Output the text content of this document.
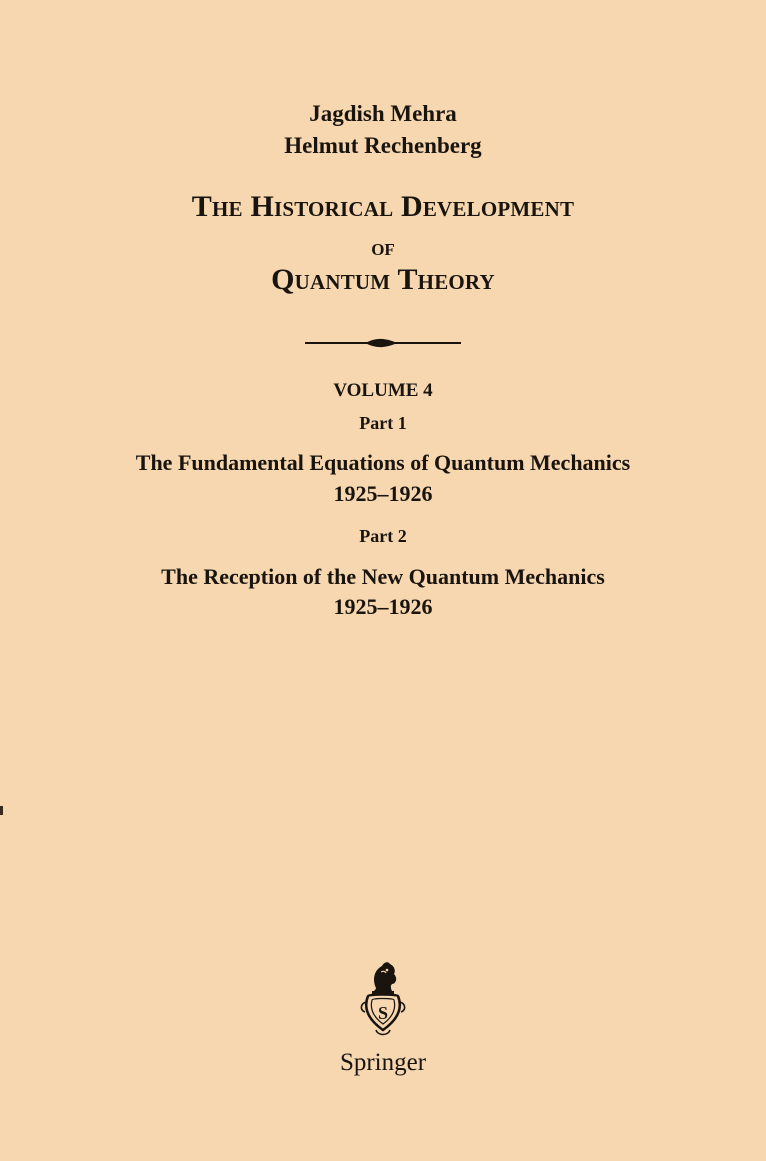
Jagdish Mehra
Helmut Rechenberg
The Historical Development
of
Quantum Theory
VOLUME 4
Part 1
The Fundamental Equations of Quantum Mechanics
1925–1926
Part 2
The Reception of the New Quantum Mechanics
1925–1926
S
Springer
